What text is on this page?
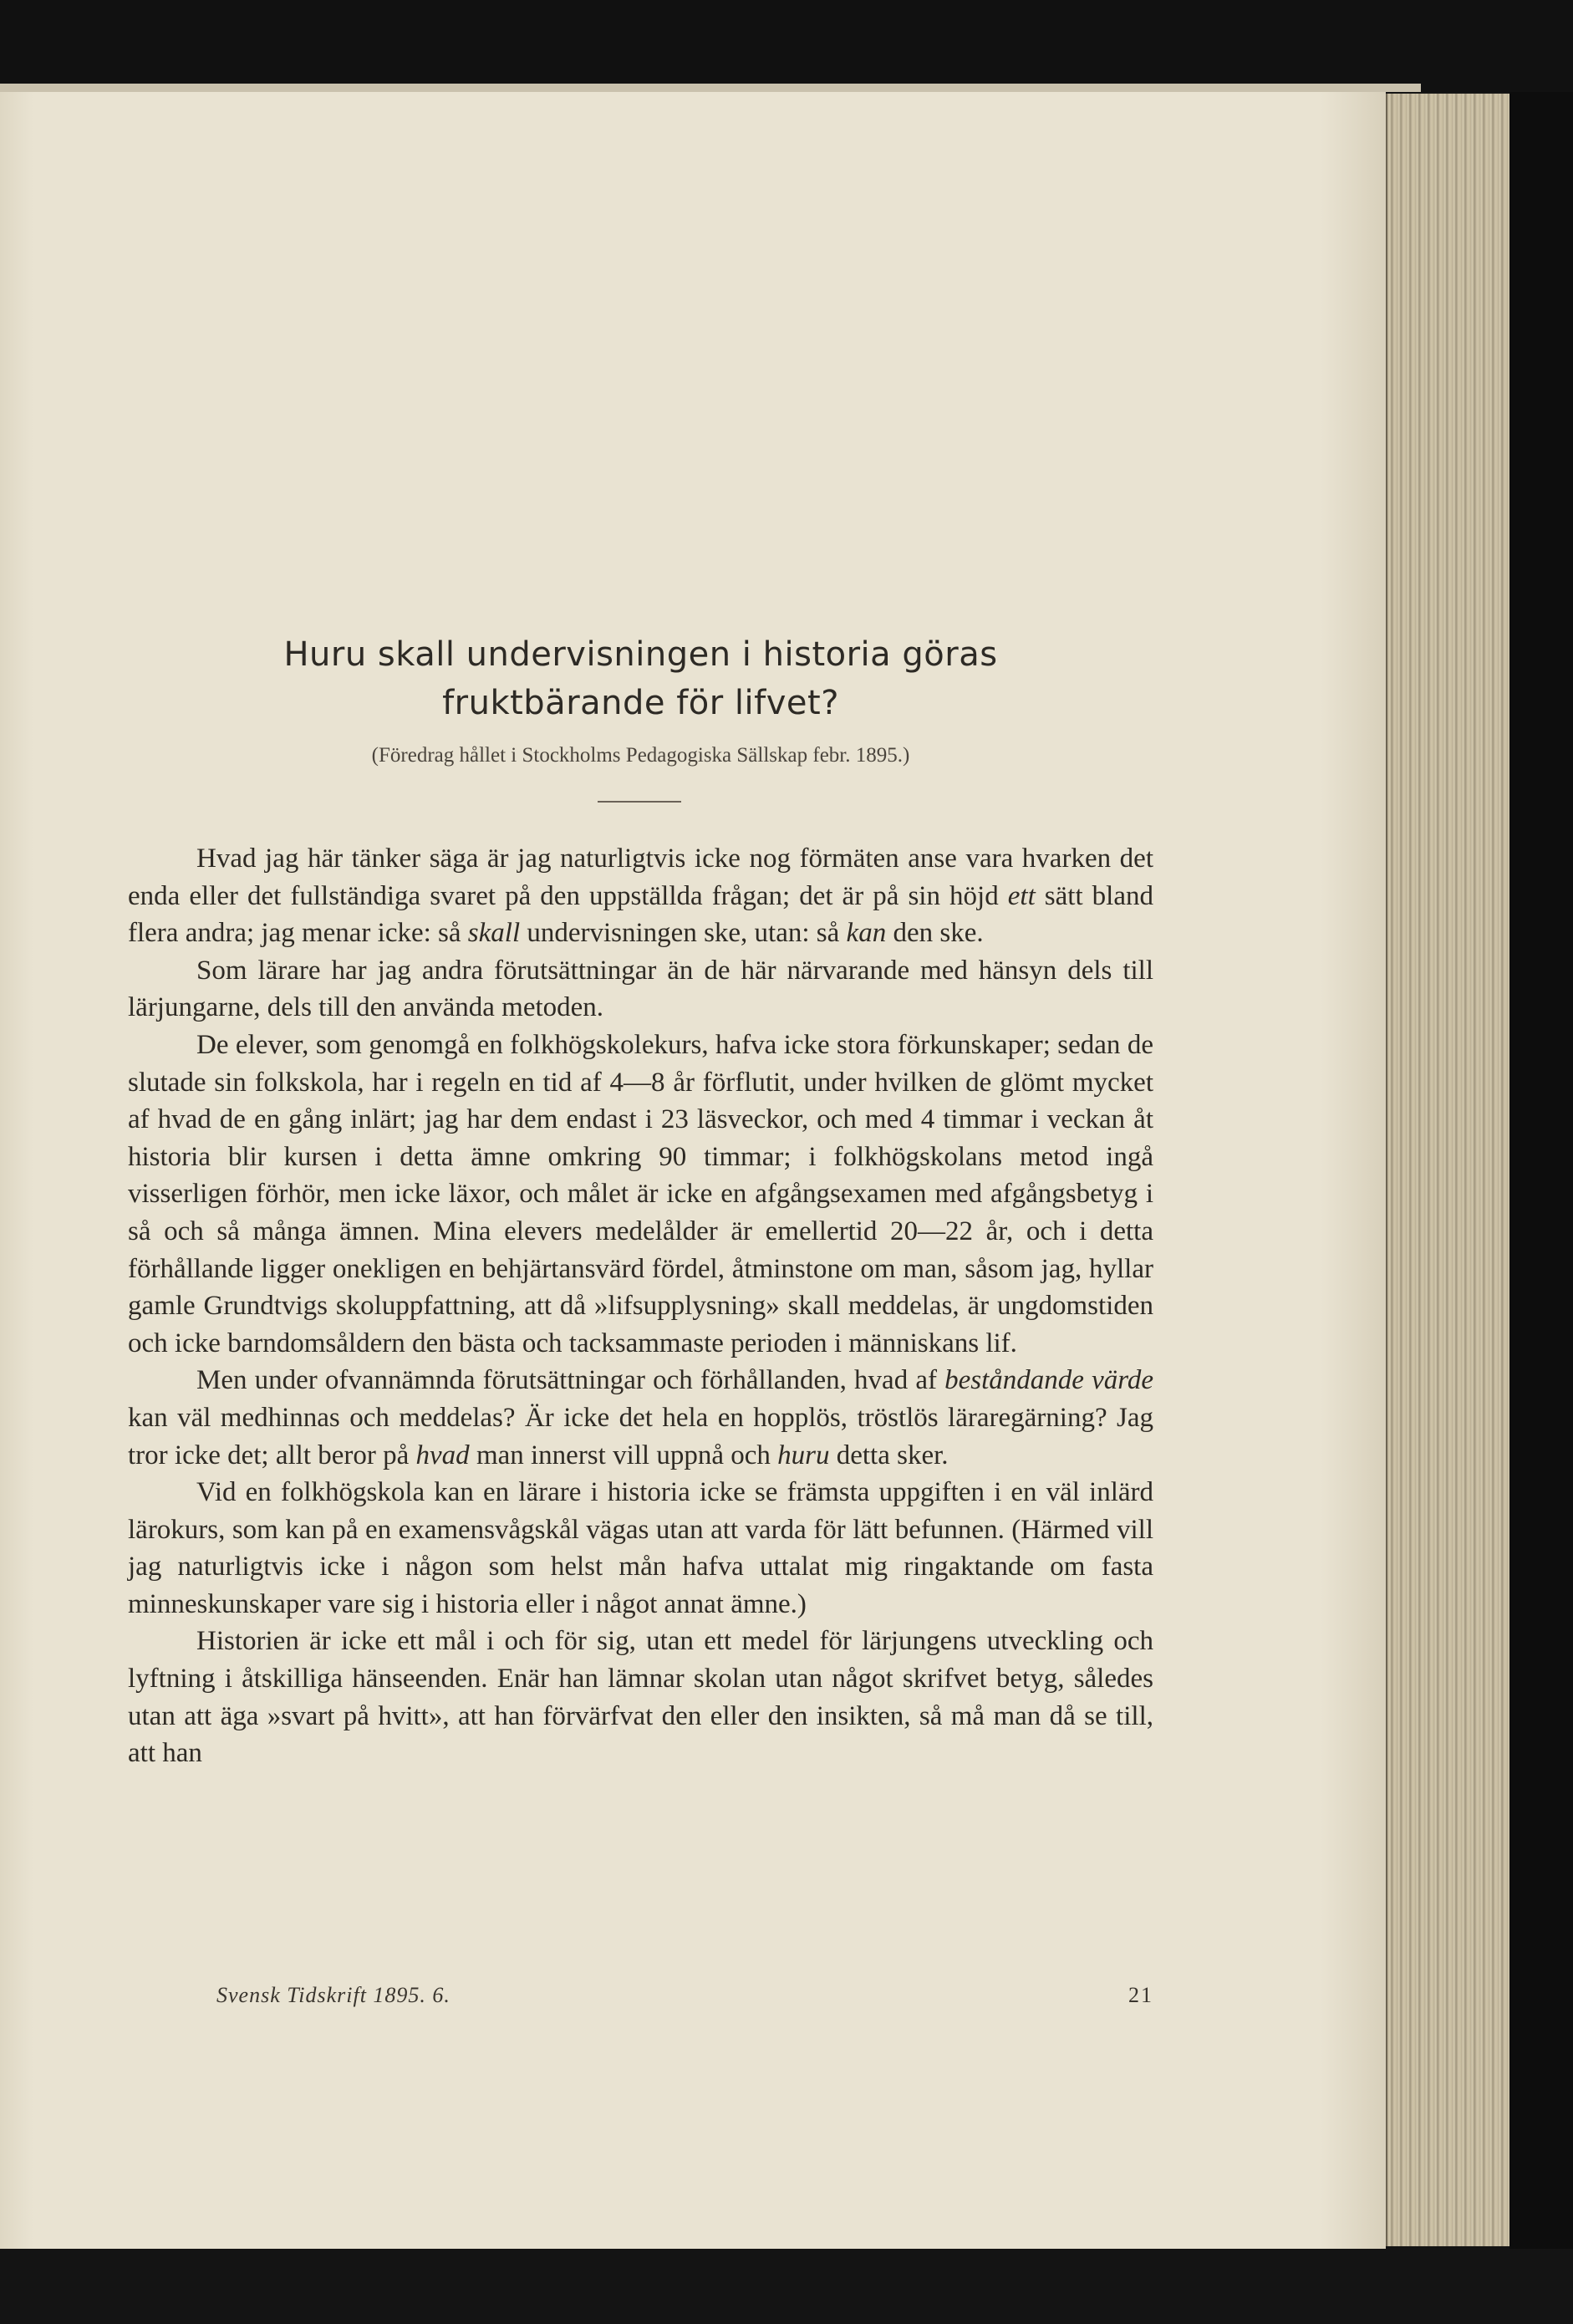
Huru skall undervisningen i historia göras
fruktbärande för lifvet?
(Föredrag hållet i Stockholms Pedagogiska Sällskap febr. 1895.)

Hvad jag här tänker säga är jag naturligtvis icke nog förmäten anse vara hvarken det enda eller det fullständiga svaret på den uppställda frågan; det är på sin höjd ett sätt bland flera andra; jag menar icke: så skall undervisningen ske, utan: så kan den ske.

Som lärare har jag andra förutsättningar än de här närvarande med hänsyn dels till lärjungarne, dels till den använda metoden.

De elever, som genomgå en folkhögskolekurs, hafva icke stora förkunskaper; sedan de slutade sin folkskola, har i regeln en tid af 4—8 år förflutit, under hvilken de glömt mycket af hvad de en gång inlärt; jag har dem endast i 23 läsveckor, och med 4 timmar i veckan åt historia blir kursen i detta ämne omkring 90 timmar; i folkhögskolans metod ingå visserligen förhör, men icke läxor, och målet är icke en afgångsexamen med afgångsbetyg i så och så många ämnen. Mina elevers medelålder är emellertid 20—22 år, och i detta förhållande ligger onekligen en behjärtansvärd fördel, åtminstone om man, såsom jag, hyllar gamle Grundtvigs skoluppfattning, att då »lifsupplysning» skall meddelas, är ungdomstiden och icke barndomsåldern den bästa och tacksammaste perioden i människans lif.

Men under ofvannämnda förutsättningar och förhållanden, hvad af beståndande värde kan väl medhinnas och meddelas? Är icke det hela en hopplös, tröstlös läraregärning? Jag tror icke det; allt beror på hvad man innerst vill uppnå och huru detta sker.

Vid en folkhögskola kan en lärare i historia icke se främsta uppgiften i en väl inlärd lärokurs, som kan på en examensvågskål vägas utan att varda för lätt befunnen. (Härmed vill jag naturligtvis icke i någon som helst mån hafva uttalat mig ringaktande om fasta minneskunskaper vare sig i historia eller i något annat ämne.)

Historien är icke ett mål i och för sig, utan ett medel för lärjungens utveckling och lyftning i åtskilliga hänseenden. Enär han lämnar skolan utan något skrifvet betyg, således utan att äga »svart på hvitt», att han förvärfvat den eller den insikten, så må man då se till, att han

Svensk Tidskrift 1895. 6.	21
